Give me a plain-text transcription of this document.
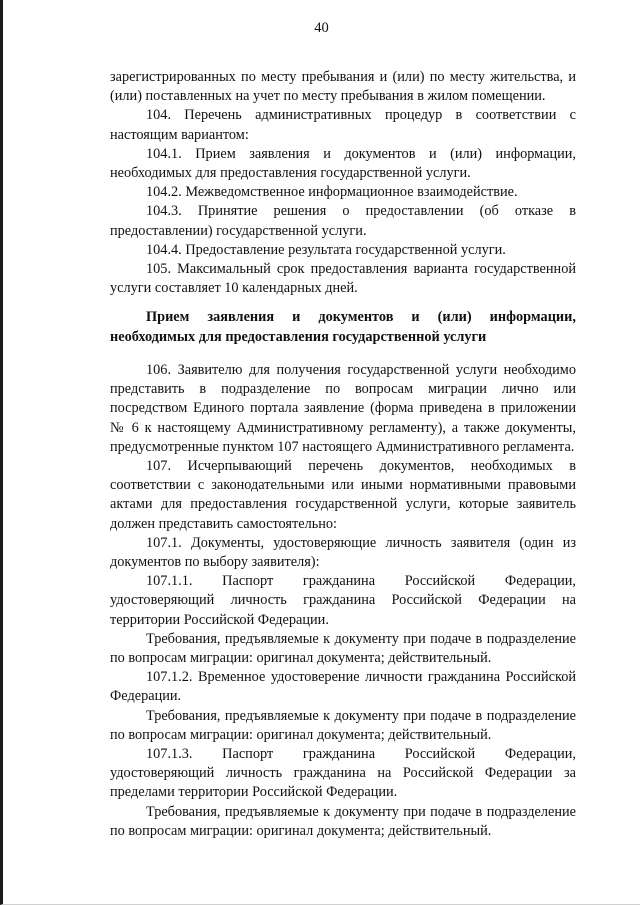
40

зарегистрированных по месту пребывания и (или) по месту жительства, и (или) поставленных на учет по месту пребывания в жилом помещении.

104. Перечень административных процедур в соответствии с настоящим вариантом:

104.1. Прием заявления и документов и (или) информации, необходимых для предоставления государственной услуги.

104.2. Межведомственное информационное взаимодействие.

104.3. Принятие решения о предоставлении (об отказе в предоставлении) государственной услуги.

104.4. Предоставление результата государственной услуги.

105. Максимальный срок предоставления варианта государственной услуги составляет 10 календарных дней.

Прием заявления и документов и (или) информации, необходимых для предоставления государственной услуги

106. Заявителю для получения государственной услуги необходимо представить в подразделение по вопросам миграции лично или посредством Единого портала заявление (форма приведена в приложении № 6 к настоящему Административному регламенту), а также документы, предусмотренные пунктом 107 настоящего Административного регламента.

107. Исчерпывающий перечень документов, необходимых в соответствии с законодательными или иными нормативными правовыми актами для предоставления государственной услуги, которые заявитель должен представить самостоятельно:

107.1. Документы, удостоверяющие личность заявителя (один из документов по выбору заявителя):

107.1.1. Паспорт гражданина Российской Федерации, удостоверяющий личность гражданина Российской Федерации на территории Российской Федерации.

Требования, предъявляемые к документу при подаче в подразделение по вопросам миграции: оригинал документа; действительный.

107.1.2. Временное удостоверение личности гражданина Российской Федерации.

Требования, предъявляемые к документу при подаче в подразделение по вопросам миграции: оригинал документа; действительный.

107.1.3. Паспорт гражданина Российской Федерации, удостоверяющий личность гражданина на Российской Федерации за пределами территории Российской Федерации.

Требования, предъявляемые к документу при подаче в подразделение по вопросам миграции: оригинал документа; действительный.
